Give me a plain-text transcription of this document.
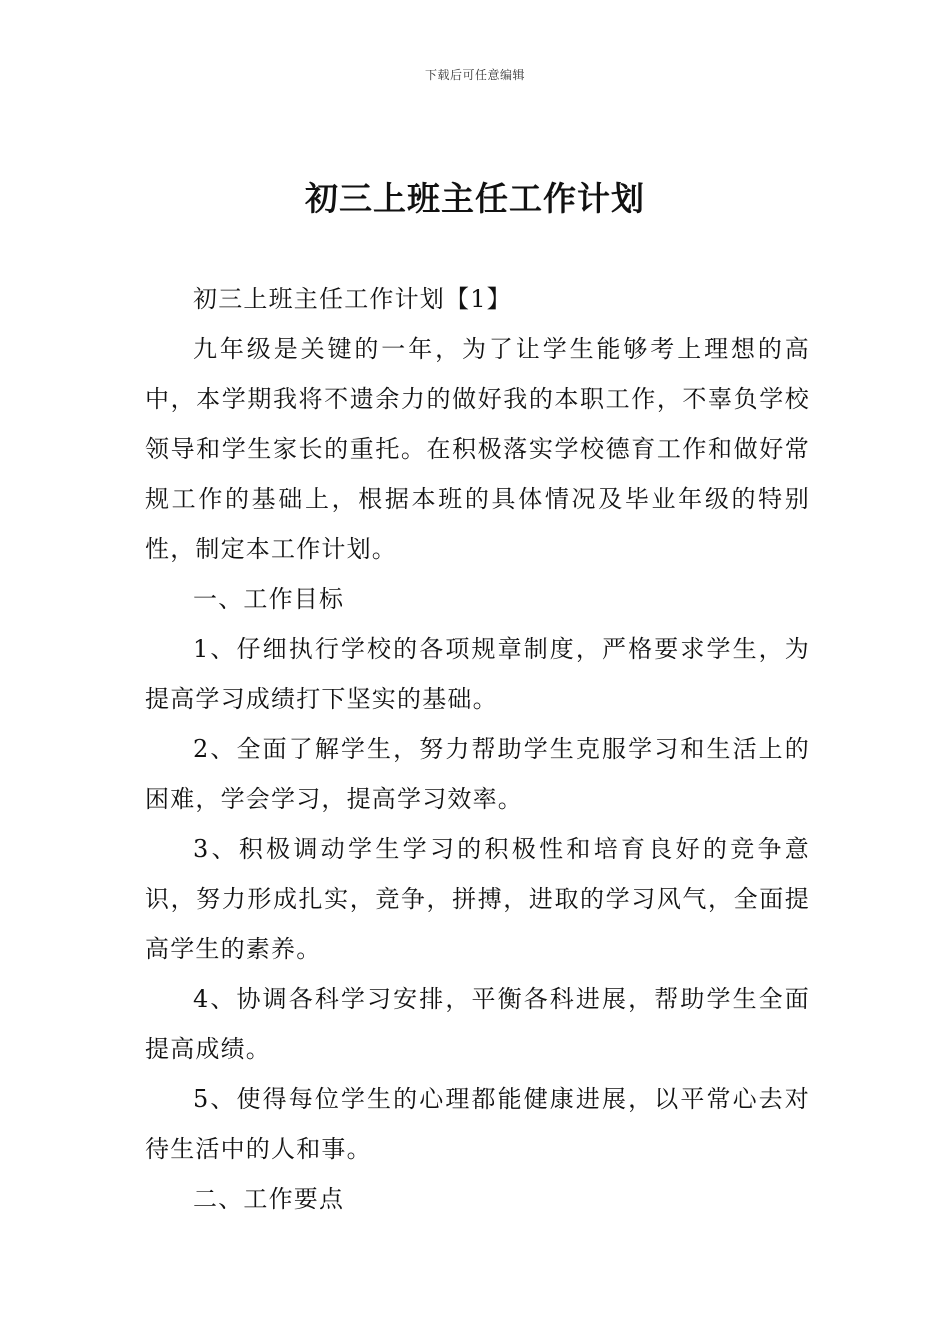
下载后可任意编辑
初三上班主任工作计划

初三上班主任工作计划【1】

九年级是关键的一年，为了让学生能够考上理想的高中，本学期我将不遗余力的做好我的本职工作，不辜负学校领导和学生家长的重托。在积极落实学校德育工作和做好常规工作的基础上，根据本班的具体情况及毕业年级的特别性，制定本工作计划。

一、工作目标

1、仔细执行学校的各项规章制度，严格要求学生，为提高学习成绩打下坚实的基础。

2、全面了解学生，努力帮助学生克服学习和生活上的困难，学会学习，提高学习效率。

3、积极调动学生学习的积极性和培育良好的竞争意识，努力形成扎实，竞争，拼搏，进取的学习风气，全面提高学生的素养。

4、协调各科学习安排，平衡各科进展，帮助学生全面提高成绩。

5、使得每位学生的心理都能健康进展，以平常心去对待生活中的人和事。

二、工作要点
